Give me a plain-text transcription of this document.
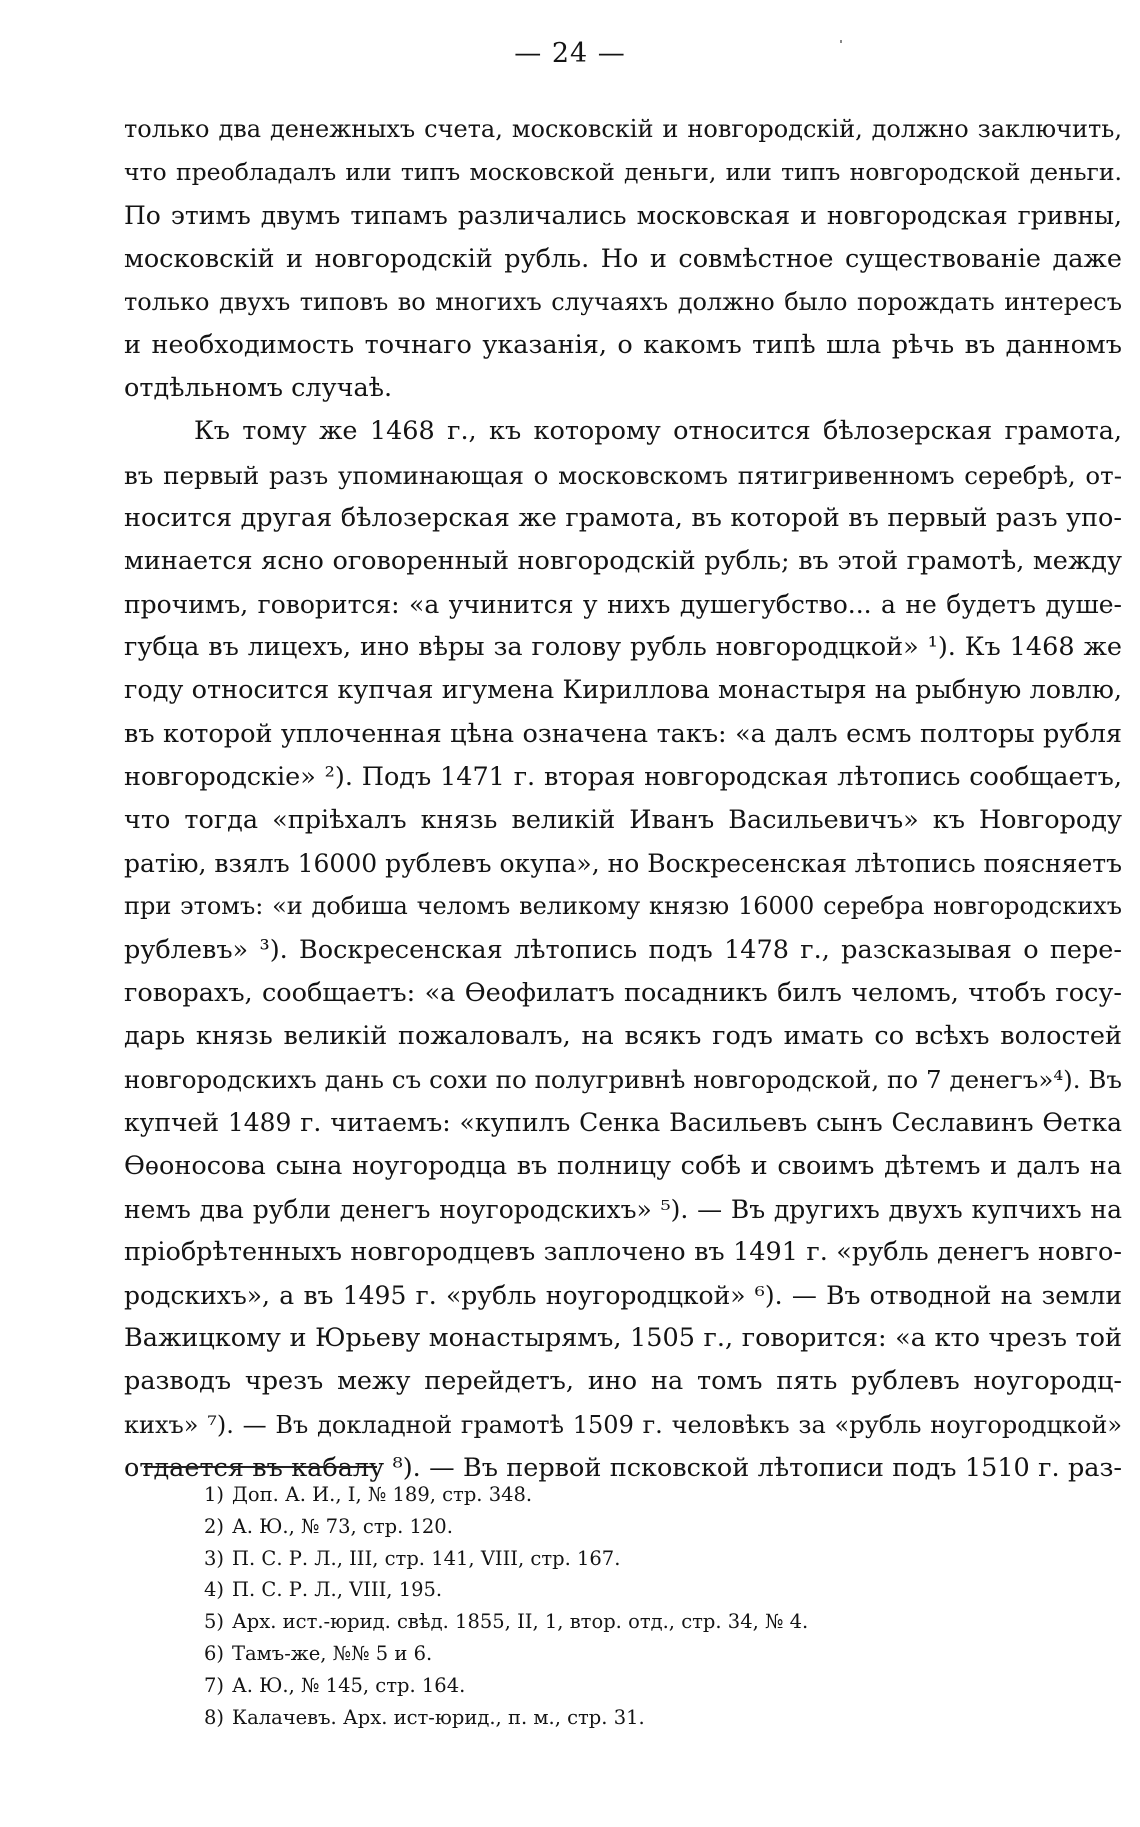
— 24 —
только два денежныхъ счета, московскій и новгородскій, должно заключить,
что преобладалъ или типъ московской деньги, или типъ новгородской деньги.
По этимъ двумъ типамъ различались московская и новгородская гривны,
московскій и новгородскій рубль. Но и совмѣстное существованіе даже
только двухъ типовъ во многихъ случаяхъ должно было порождать интересъ
и необходимость точнаго указанія, о какомъ типѣ шла рѣчь въ данномъ
отдѣльномъ случаѣ.
Къ тому же 1468 г., къ которому относится бѣлозерская грамота,
въ первый разъ упоминающая о московскомъ пятигривенномъ серебрѣ, от-
носится другая бѣлозерская же грамота, въ которой въ первый разъ упо-
минается ясно оговоренный новгородскій рубль; въ этой грамотѣ, между
прочимъ, говорится: «а учинится у нихъ душегубство... а не будетъ душе-
губца въ лицехъ, ино вѣры за голову рубль новгородцкой» ¹). Къ 1468 же
году относится купчая игумена Кириллова монастыря на рыбную ловлю,
въ которой уплоченная цѣна означена такъ: «а далъ есмъ полторы рубля
новгородскіе» ²). Подъ 1471 г. вторая новгородская лѣтопись сообщаетъ,
что тогда «пріѣхалъ князь великій Иванъ Васильевичъ» къ Новгороду
ратію, взялъ 16000 рублевъ окупа», но Воскресенская лѣтопись поясняетъ
при этомъ: «и добиша челомъ великому князю 16000 серебра новгородскихъ
рублевъ» ³). Воскресенская лѣтопись подъ 1478 г., разсказывая о пере-
говорахъ, сообщаетъ: «а Ѳеофилатъ посадникъ билъ челомъ, чтобъ госу-
дарь князь великій пожаловалъ, на всякъ годъ имать со всѣхъ волостей
новгородскихъ дань съ сохи по полугривнѣ новгородской, по 7 денегъ»⁴). Въ
купчей 1489 г. читаемъ: «купилъ Сенка Васильевъ сынъ Сеславинъ Ѳетка
Ѳѳоносова сына ноугородца въ полницу собѣ и своимъ дѣтемъ и далъ на
немъ два рубли денегъ ноугородскихъ» ⁵). — Въ другихъ двухъ купчихъ на
пріобрѣтенныхъ новгородцевъ заплочено въ 1491 г. «рубль денегъ новго-
родскихъ», а въ 1495 г. «рубль ноугородцкой» ⁶). — Въ отводной на земли
Важицкому и Юрьеву монастырямъ, 1505 г., говорится: «а кто чрезъ той
разводъ чрезъ межу перейдетъ, ино на томъ пять рублевъ ноугородц-
кихъ» ⁷). — Въ докладной грамотѣ 1509 г. человѣкъ за «рубль ноугородцкой»
отдается въ кабалу ⁸). — Въ первой псковской лѣтописи подъ 1510 г. раз-
1) Доп. А. И., I, № 189, стр. 348.
2) А. Ю., № 73, стр. 120.
3) П. С. Р. Л., III, стр. 141, VIII, стр. 167.
4) П. С. Р. Л., VIII, 195.
5) Арх. ист.-юрид. свѣд. 1855, II, 1, втор. отд., стр. 34, № 4.
6) Тамъ-же, №№ 5 и 6.
7) А. Ю., № 145, стр. 164.
8) Калачевъ. Арх. ист-юрид., п. м., стр. 31.
